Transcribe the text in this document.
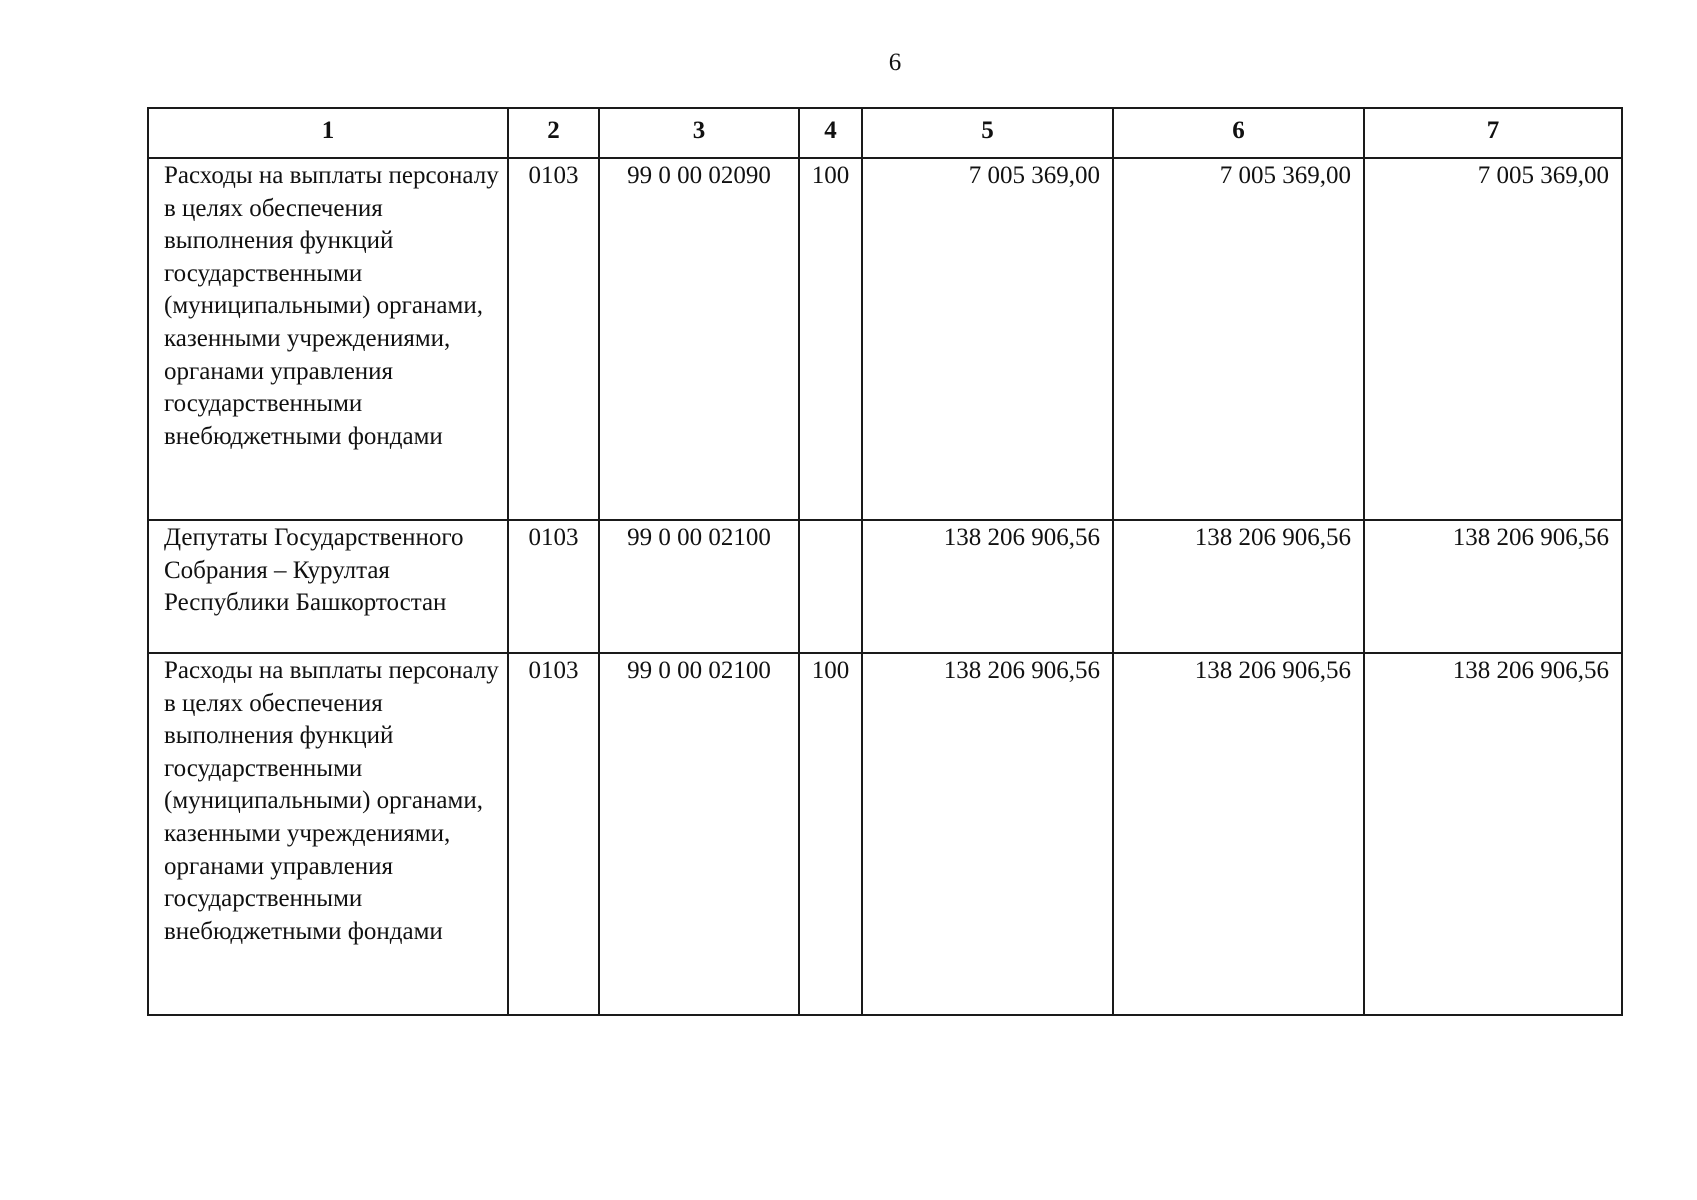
6
1	2	3	4	5	6	7
Расходы на выплаты персоналу в целях обеспечения выполнения функций государственными (муниципальными) органами, казенными учреждениями, органами управления государственными внебюджетными фондами	0103	99 0 00 02090	100	7 005 369,00	7 005 369,00	7 005 369,00
Депутаты Государственного Собрания – Курултая Республики Башкортостан	0103	99 0 00 02100		138 206 906,56	138 206 906,56	138 206 906,56
Расходы на выплаты персоналу в целях обеспечения выполнения функций государственными (муниципальными) органами, казенными учреждениями, органами управления государственными внебюджетными фондами	0103	99 0 00 02100	100	138 206 906,56	138 206 906,56	138 206 906,56
